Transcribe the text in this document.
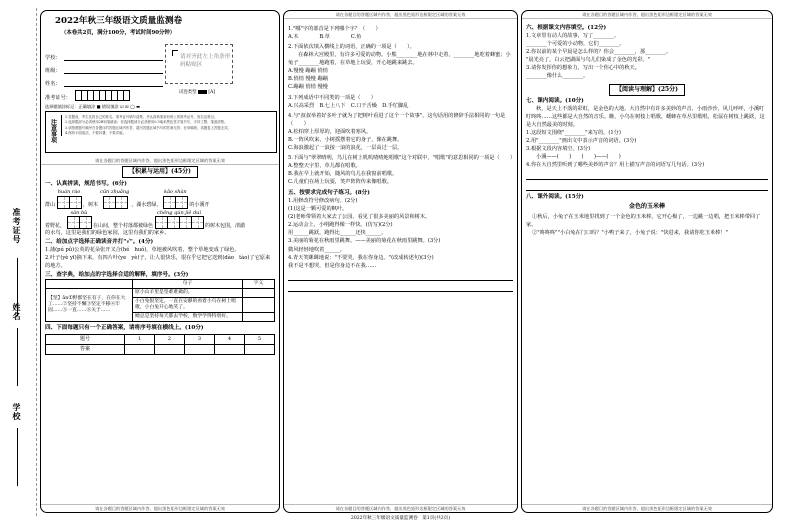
准考证号
姓名
学校
2022年秋三年级语文质量监测卷
（本卷共2页，满分100分，考试时间90分钟）
学校：
班级：
姓名：
准考证号：
请对齐此左上角条形码粘贴区
试卷类型  [A]
选择题填涂标记：正确填涂 ■ 错误填涂 ☑ ☒ ◯ ▬
注意事项
1.答题前，考生先将自己的姓名、准考证号填写清楚，并认真核准条形码上的准考证号、姓名及科目。
2.选择题部分必须使用2B铅笔填涂；非选择题部分必须使用0.5毫米黑色签字笔书写，字体工整、笔迹清楚。
3.请按照题号顺序在各题目的答题区域内作答，超出答题区域书写的答案无效；在草稿纸、试题卷上答题无效。
4.保持卡面清洁，不要折叠、不要弄破。
请在各题目的答题区域内作答，超出黑色矩形边框限定区域的答案无效
【积累与运用】(45分)
一、认真拼读，规范书写。(6分)
群山
huán rào
，树木
cūn zhuāng
，湖水碧绿，
kāo shàn
的小溪开
着野花，
sàn bù
在山间，整个村落都被绿色
chéng qún jiē duì
的树木包围，清澈
的水鸟，这里是我们的绿色家园，这里有我们的家乡。
二、给加点字选择正确读音并打"√"。(4分)
1.蒲(pú pǔ)公英的花朵张开又合(hé　huó)，草地被风吹着，整个草地变成了绿色。
2.叶子(yè yī)摘下来，有四片叶(ye　yè)子，让人很快乐，很在乎它把它送到(dào　tào)了它原来的地方。
三、查字典，给加点的字选择合适的解释，填序号。(3分)
	句子	字义
【坚】ān①野郡坚在有子，在你在大工……②坚持不懈③坚定不移④牢固……⑤一直……⑥关于……	原小山羊里是坚难难做的。	
	小白兔很坚定，一直在安静的看着小鸟在树上唱歌，小白兔开心地笑了。	
	她总是坚持每天都去学校，数学学得特别好。	
四、下面每题只有一个正确答案，请将序号填在横线上。(10分)
题号	1	2	3	4	5
答案					
请在各题目的答题区域内作答，超出黑色矩形边框限定区域的答案无效
请在各题目的答题区域内作答，超出黑色矩形边框限定区域的答案无效
1."哪"字的部首是下列哪个字？（　　）
A.木　　　　B.草　　　　C.鱼
2.下面依次填入横线上的词语，正确的一项是（　　）。
在森林大宫殿里，有许多可爱的动物。小熊________地在林中走着，________地吃着蜂蜜；小兔子________地跑着，在草地上玩耍，开心地跳来跳去。
A.慢慢 蹦蹦 悄悄
B.悄悄 慢慢 蹦蹦
C.蹦蹦 悄悄 慢慢
3.下列成语中不同类的一项是（　　）
A.兴高采烈　B.七上八下　C.口干舌燥　D.手忙脚乱
4.与"叔叔举着好多叶子就为了把树叶看进了这个一个故事"，这句话用的修辞手法相同的一句是（　　）
A.松柏穿上厚厚的，迎面吹着寒风。
B.一阵风吹来，小树摇摆着它的身子，像在跳舞。
C.海浪激起了一浪接一浪的浪花，一层高过一层。
5.下面与"翠翠晴明，鸟儿在树上叽叽喳喳地唱歌"这个对联中，"唱歌"的意思相同的一项是（　　）
A.整整天宇里，草儿都在唱歌。
B.我在早上就开始，随风的鸟儿在我窗前唱歌。
C.儿童们在场上玩耍，笑声阵阵传来像唱歌。
五、按要求完成句子练习。(8分)
1.用修改符号修改病句。(2分)
(1)这是一颗可爱的枫叶。
(2)老师带领着大家去了公园，看见了很多美丽的风景和树木。
2.运动会上，小明跑得像一样快。(仿写)(2分)
用______跳跃，跑得比______还快______。
3.美丽的菊花在秋雨里跳舞。——美丽的菊花在秋雨里跳舞。(3分)
微风轻轻地吹着______。
4.青天笑眯眯地说："不要哭，我在你身边。"(改成转述句)(3分)
我不是不想哭，但是你身边不在我……
请在各题目的答题区域内作答，超出黑色矩形边框限定区域的答案无效
请在各题目的答题区域内作答，超出黑色矩形边框限定区域的答案无效
六、根据课文内容填空。(12分)
1.文章里有动人的故事，写了________。
________个可爱的小动物，它们________。
2.你以前的某个早晨是怎么样的？你会________，那________。
"晨光亮了，白云把湖面与鸟儿们染成了金色的光彩。"
3.请你发挥你的想象力，写出一个你心中的秋天。
________像什么________。
【阅读与理解】(25分)
七、课内阅读。(10分)
秋，是天上不落的彩虹，是金色的大地。大自然中有许多美妙的声音，小雨沙沙，风儿呼呼，小溪叮叮咚咚……这些都是大自然的音乐。瞧，小鸟在树枝上唱歌，蟋蟀在草丛里歌唱，松鼠在树枝上跳跃，这是大自然最美的时刻。
1.这段短文围绕"________"来写的。(1分)
2.用"________"画出文中表示声音的词语。(3分)
3.根据文段内容填空。(3分)
小溪——(　　)　　(　　)——(　　)
4.你在大自然里听到了哪些美妙的声音？用上描写声音的词语写几句话。(3分)
八、课外阅读。(15分)
金色的玉米棒
①秋后，小兔子在玉米地里找到了一个金色的玉米棒，它开心极了，一边跳一边唱，把玉米棒带回了家。
②"咚咚咚""小白兔在门口吗？"小鸭子来了，小兔子说："快进来，我请你吃玉米棒！"
请在各题目的答题区域内作答，超出黑色矩形边框限定区域的答案无效
2022年秋三年级语文质量监测卷　第1页(共2页)
